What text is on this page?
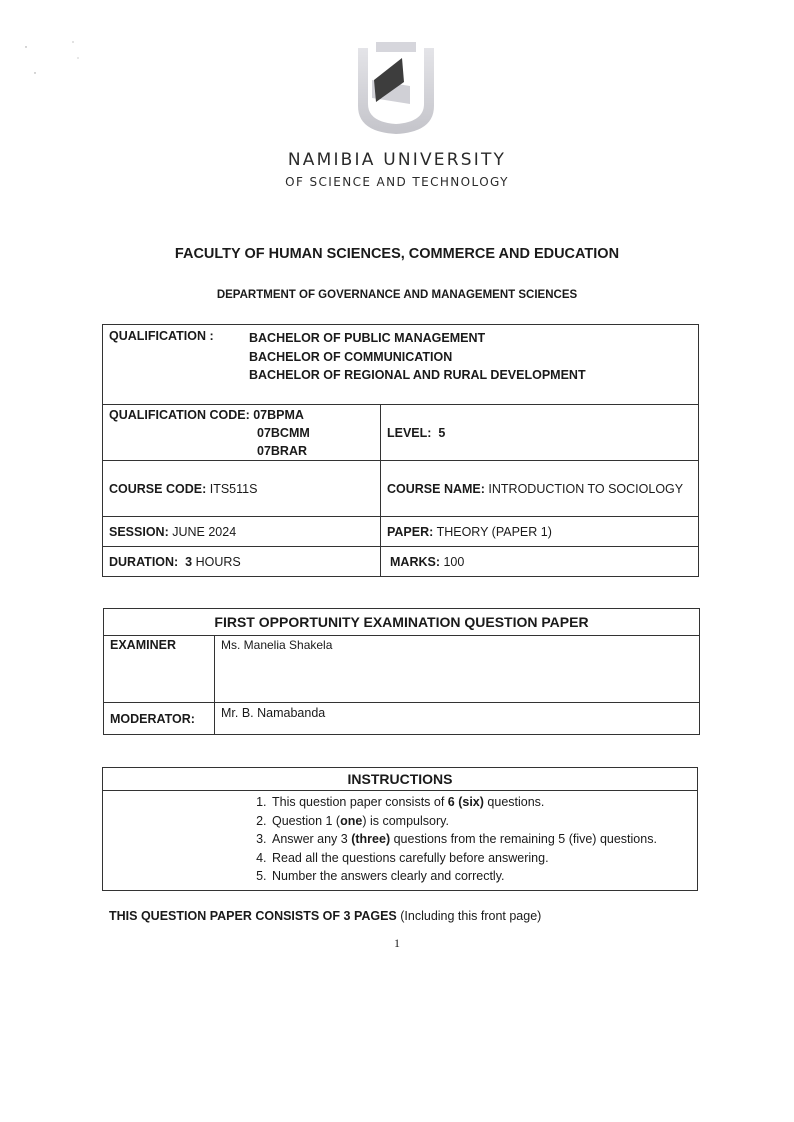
NAMIBIA UNIVERSITY
OF SCIENCE AND TECHNOLOGY
FACULTY OF HUMAN SCIENCES, COMMERCE AND EDUCATION
DEPARTMENT OF GOVERNANCE AND MANAGEMENT SCIENCES
QUALIFICATION : BACHELOR OF PUBLIC MANAGEMENT
BACHELOR OF COMMUNICATION
BACHELOR OF REGIONAL AND RURAL DEVELOPMENT	

QUALIFICATION CODE: 07BPMA
07BCMM
07BRAR	LEVEL: 5
COURSE CODE: ITS511S	COURSE NAME: INTRODUCTION TO SOCIOLOGY
SESSION: JUNE 2024	PAPER: THEORY (PAPER 1)
DURATION: 3 HOURS	MARKS: 100
FIRST OPPORTUNITY EXAMINATION QUESTION PAPER	
EXAMINER	Ms. Manelia Shakela
MODERATOR:	Mr. B. Namabanda
INSTRUCTIONS

1. This question paper consists of 6 (six) questions.
2. Question 1 (one) is compulsory.
3. Answer any 3 (three) questions from the remaining 5 (five) questions.
4. Read all the questions carefully before answering.
5. Number the answers clearly and correctly.
THIS QUESTION PAPER CONSISTS OF 3 PAGES (Including this front page)
1
